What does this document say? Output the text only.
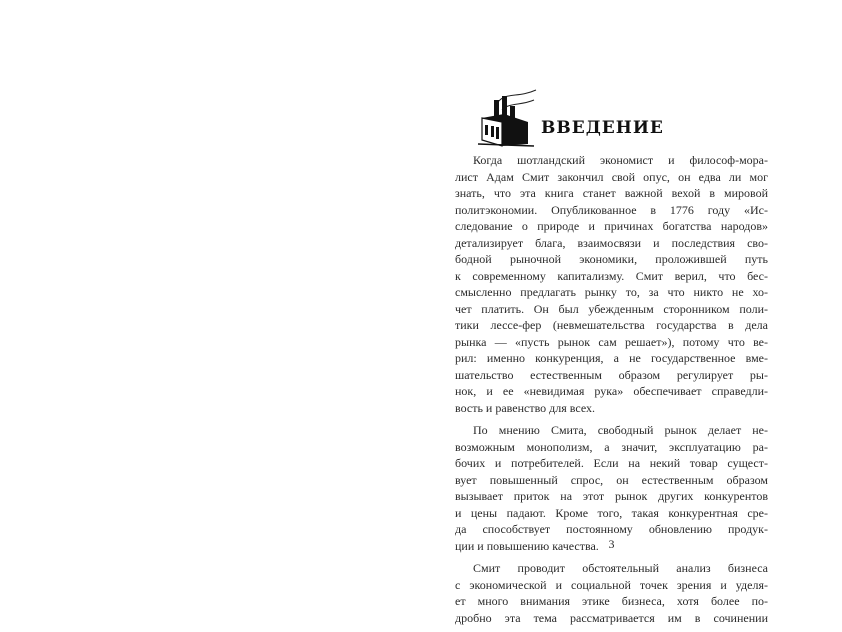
ВВЕДЕНИЕ
Когда шотландский экономист и философ-мора-
лист Адам Смит закончил свой опус, он едва ли мог
знать, что эта книга станет важной вехой в мировой
политэкономии. Опубликованное в 1776 году «Ис-
следование о природе и причинах богатства народов»
детализирует блага, взаимосвязи и последствия сво-
бодной рыночной экономики, проложившей путь
к современному капитализму. Смит верил, что бес-
смысленно предлагать рынку то, за что никто не хо-
чет платить. Он был убежденным сторонником поли-
тики лессе-фер (невмешательства государства в дела
рынка — «пусть рынок сам решает»), потому что ве-
рил: именно конкуренция, а не государственное вме-
шательство естественным образом регулирует ры-
нок, и ее «невидимая рука» обеспечивает справедли-
вость и равенство для всех.
По мнению Смита, свободный рынок делает не-
возможным монополизм, а значит, эксплуатацию ра-
бочих и потребителей. Если на некий товар сущест-
вует повышенный спрос, он естественным образом
вызывает приток на этот рынок других конкурентов
и цены падают. Кроме того, такая конкурентная сре-
да способствует постоянному обновлению продук-
ции и повышению качества.
Смит проводит обстоятельный анализ бизнеса
с экономической и социальной точек зрения и уделя-
ет много внимания этике бизнеса, хотя более по-
дробно эта тема рассматривается им в сочинении
3
